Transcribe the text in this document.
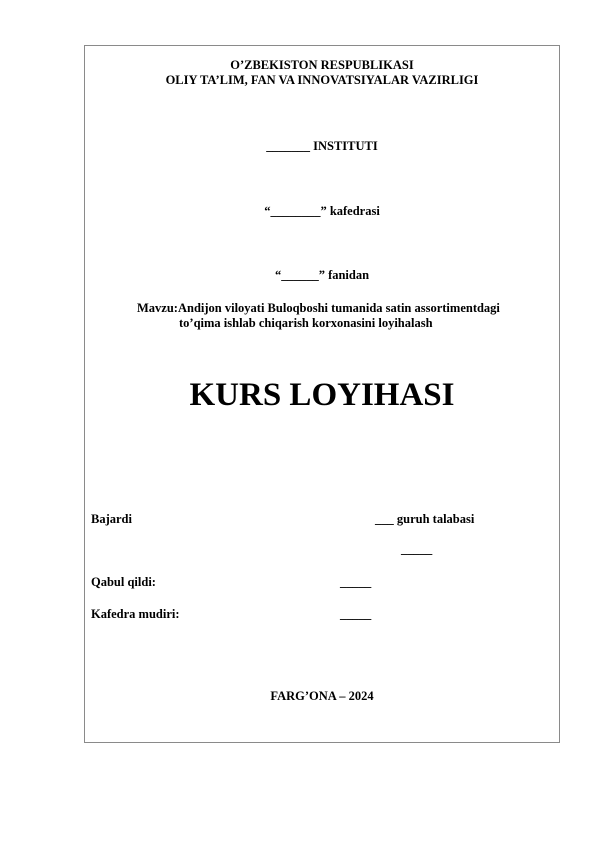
O’ZBEKISTON RESPUBLIKASI
OLIY TA’LIM, FAN VA INNOVATSIYALAR VAZIRLIGI
_______ INSTITUTI
“________” kafedrasi
“______” fanidan
Mavzu:Andijon viloyati Buloqboshi tumanida satin assortimentdagi
to’qima ishlab chiqarish korxonasini loyihalash
KURS LOYIHASI
Bajardi	___ guruh talabasi
_____
Qabul qildi:	_____
Kafedra mudiri:	_____
FARG’ONA – 2024
